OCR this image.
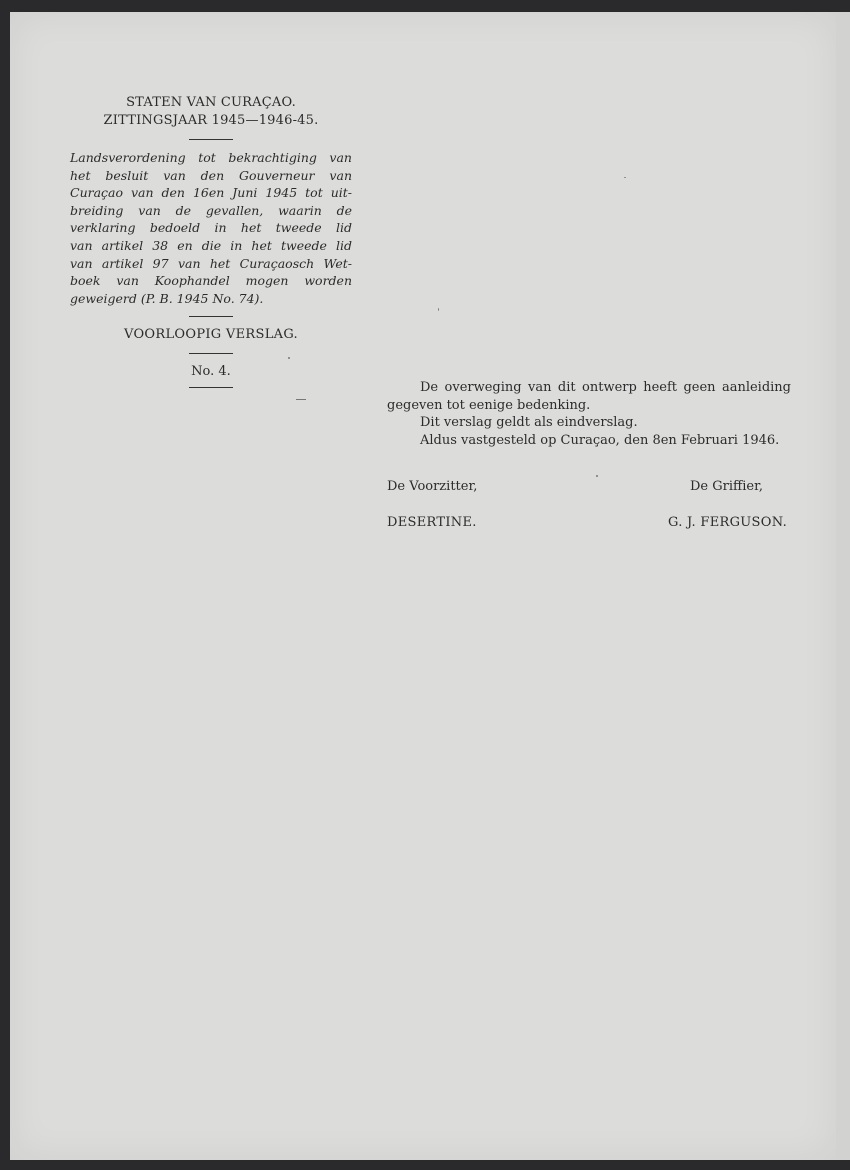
STATEN VAN CURAÇAO.
ZITTINGSJAAR 1945—1946-45.

Landsverordening tot bekrachtiging van
het besluit van den Gouverneur van
Curaçao van den 16en Juni 1945 tot uit-
breiding van de gevallen, waarin de
verklaring bedoeld in het tweede lid
van artikel 38 en die in het tweede lid
van artikel 97 van het Curaçaosch Wet-
boek van Koophandel mogen worden
geweigerd (P. B. 1945 No. 74).

VOORLOOPIG VERSLAG.
No. 4.

De overweging van dit ontwerp heeft geen aanleiding gegeven tot eenige bedenking.

Dit verslag geldt als eindverslag.

Aldus vastgesteld op Curaçao, den 8en Februari 1946.

De Voorzitter,	De Griffier,
DESERTINE.	G. J. FERGUSON.
